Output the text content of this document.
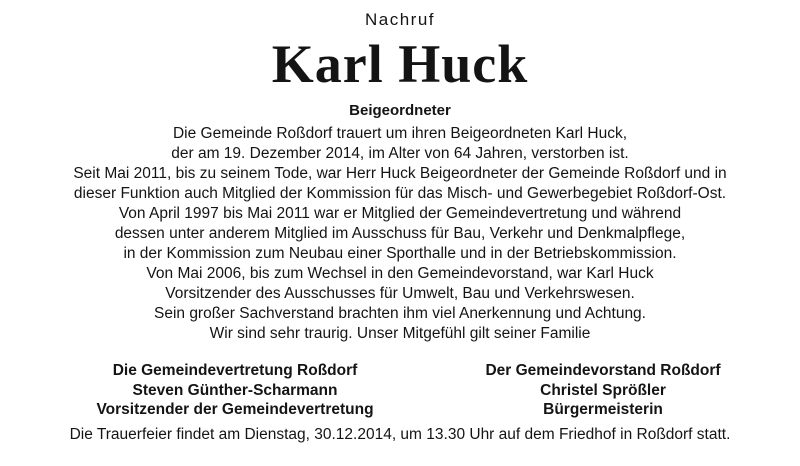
Nachruf
Karl Huck
Beigeordneter

Die Gemeinde Roßdorf trauert um ihren Beigeordneten Karl Huck,
der am 19. Dezember 2014, im Alter von 64 Jahren, verstorben ist.

Seit Mai 2011, bis zu seinem Tode, war Herr Huck Beigeordneter der Gemeinde Roßdorf und in
dieser Funktion auch Mitglied der Kommission für das Misch- und Gewerbegebiet Roßdorf-Ost.

Von April 1997 bis Mai 2011 war er Mitglied der Gemeindevertretung und während
dessen unter anderem Mitglied im Ausschuss für Bau, Verkehr und Denkmalpflege,
in der Kommission zum Neubau einer Sporthalle und in der Betriebskommission.

Von Mai 2006, bis zum Wechsel in den Gemeindevorstand, war Karl Huck
Vorsitzender des Ausschusses für Umwelt, Bau und Verkehrswesen.

Sein großer Sachverstand brachten ihm viel Anerkennung und Achtung.
Wir sind sehr traurig. Unser Mitgefühl gilt seiner Familie

Die Gemeindevertretung Roßdorf
Steven Günther-Scharmann
Vorsitzender der Gemeindevertretung
Der Gemeindevorstand Roßdorf
Christel Sprößler
Bürgermeisterin
Die Trauerfeier findet am Dienstag, 30.12.2014, um 13.30 Uhr auf dem Friedhof in Roßdorf statt.
